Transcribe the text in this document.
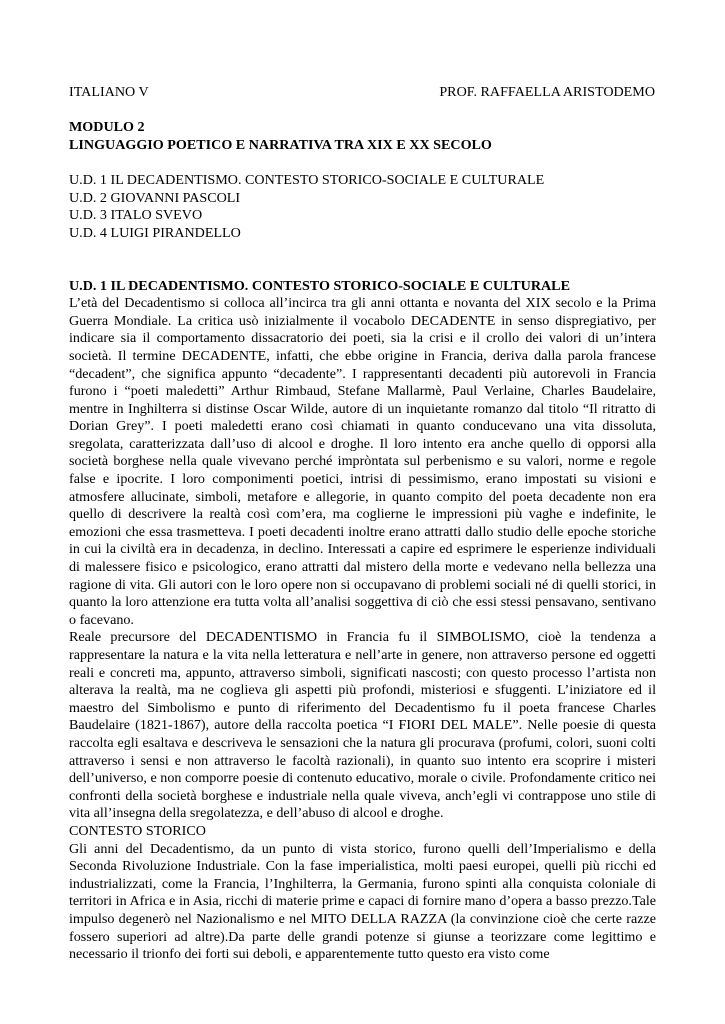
ITALIANO V	PROF. RAFFAELLA ARISTODEMO
MODULO 2
LINGUAGGIO POETICO E NARRATIVA TRA XIX E XX SECOLO
U.D. 1 IL DECADENTISMO. CONTESTO STORICO-SOCIALE E CULTURALE
U.D. 2 GIOVANNI PASCOLI
U.D. 3 ITALO SVEVO
U.D. 4 LUIGI PIRANDELLO
U.D. 1 IL DECADENTISMO. CONTESTO STORICO-SOCIALE E CULTURALE

L’età del Decadentismo si colloca all’incirca tra gli anni ottanta e novanta del XIX secolo e la Prima Guerra Mondiale. La critica usò inizialmente il vocabolo DECADENTE in senso dispregiativo, per indicare sia il comportamento dissacratorio dei poeti, sia la crisi e il crollo dei valori di un’intera società. Il termine DECADENTE, infatti, che ebbe origine in Francia, deriva dalla parola francese “decadent”, che significa appunto “decadente”. I rappresentanti decadenti più autorevoli in Francia furono i “poeti maledetti” Arthur Rimbaud, Stefane Mallarmè, Paul Verlaine, Charles Baudelaire, mentre in Inghilterra si distinse Oscar Wilde, autore di un inquietante romanzo dal titolo “Il ritratto di Dorian Grey”. I poeti maledetti erano così chiamati in quanto conducevano una vita dissoluta, sregolata, caratterizzata dall’uso di alcool e droghe. Il loro intento era anche quello di opporsi alla società borghese nella quale vivevano perché impròntata sul perbenismo e su valori, norme e regole false e ipocrite. I loro componimenti poetici, intrisi di pessimismo, erano impostati su visioni e atmosfere allucinate, simboli, metafore e allegorie, in quanto compito del poeta decadente non era quello di descrivere la realtà così com’era, ma coglierne le impressioni più vaghe e indefinite, le emozioni che essa trasmetteva. I poeti decadenti inoltre erano attratti dallo studio delle epoche storiche in cui la civiltà era in decadenza, in declino. Interessati a capire ed esprimere le esperienze individuali di malessere fisico e psicologico, erano attratti dal mistero della morte e vedevano nella bellezza una ragione di vita. Gli autori con le loro opere non si occupavano di problemi sociali né di quelli storici, in quanto la loro attenzione era tutta volta all’analisi soggettiva di ciò che essi stessi pensavano, sentivano o facevano.

Reale precursore del DECADENTISMO in Francia fu il SIMBOLISMO, cioè la tendenza a rappresentare la natura e la vita nella letteratura e nell’arte in genere, non attraverso persone ed oggetti reali e concreti ma, appunto, attraverso simboli, significati nascosti; con questo processo l’artista non alterava la realtà, ma ne coglieva gli aspetti più profondi, misteriosi e sfuggenti. L’iniziatore ed il maestro del Simbolismo e punto di riferimento del Decadentismo fu il poeta francese Charles Baudelaire (1821-1867), autore della raccolta poetica “I FIORI DEL MALE”. Nelle poesie di questa raccolta egli esaltava e descriveva le sensazioni che la natura gli procurava (profumi, colori, suoni colti attraverso i sensi e non attraverso le facoltà razionali), in quanto suo intento era scoprire i misteri dell’universo, e non comporre poesie di contenuto educativo, morale o civile. Profondamente critico nei confronti della società borghese e industriale nella quale viveva, anch’egli vi contrappose uno stile di vita all’insegna della sregolatezza, e dell’abuso di alcool e droghe.

CONTESTO STORICO

Gli anni del Decadentismo, da un punto di vista storico, furono quelli dell’Imperialismo e della Seconda Rivoluzione Industriale. Con la fase imperialistica, molti paesi europei, quelli più ricchi ed industrializzati, come la Francia, l’Inghilterra, la Germania, furono spinti alla conquista coloniale di territori in Africa e in Asia, ricchi di materie prime e capaci di fornire mano d’opera a basso prezzo.Tale impulso degenerò nel Nazionalismo e nel MITO DELLA RAZZA (la convinzione cioè che certe razze fossero superiori ad altre).Da parte delle grandi potenze si giunse a teorizzare come legittimo e necessario il trionfo dei forti sui deboli, e apparentemente tutto questo era visto come
